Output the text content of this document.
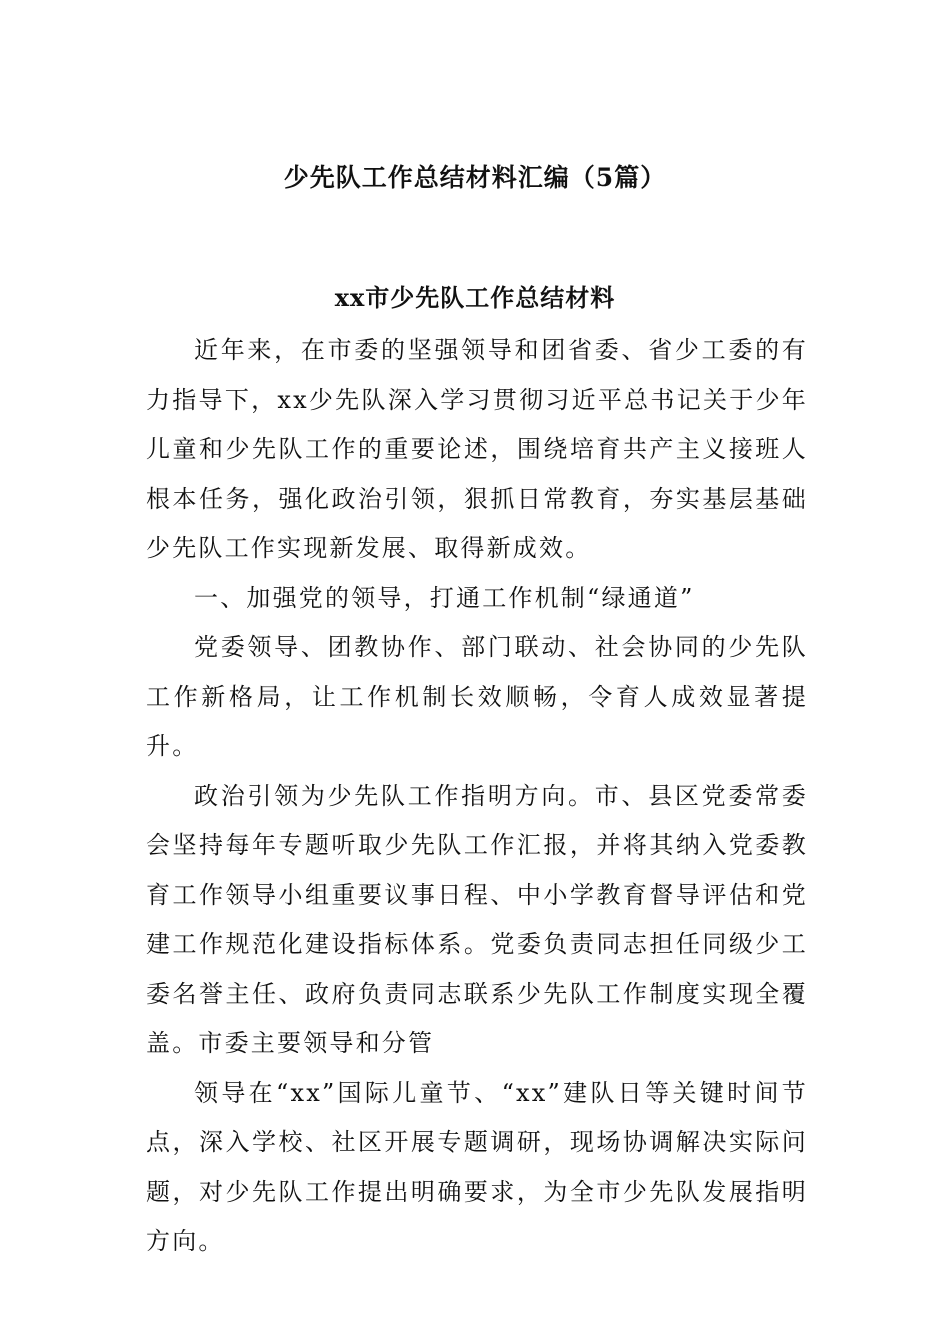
少先队工作总结材料汇编（5篇）
xx市少先队工作总结材料

近年来，在市委的坚强领导和团省委、省少工委的有力指导下，xx少先队深入学习贯彻习近平总书记关于少年儿童和少先队工作的重要论述，围绕培育共产主义接班人根本任务，强化政治引领，狠抓日常教育，夯实基层基础少先队工作实现新发展、取得新成效。

一、加强党的领导，打通工作机制“绿通道”

党委领导、团教协作、部门联动、社会协同的少先队工作新格局，让工作机制长效顺畅，令育人成效显著提升。

政治引领为少先队工作指明方向。市、县区党委常委会坚持每年专题听取少先队工作汇报，并将其纳入党委教育工作领导小组重要议事日程、中小学教育督导评估和党建工作规范化建设指标体系。党委负责同志担任同级少工委名誉主任、政府负责同志联系少先队工作制度实现全覆盖。市委主要领导和分管

领导在“xx”国际儿童节、“xx”建队日等关键时间节点，深入学校、社区开展专题调研，现场协调解决实际问题，对少先队工作提出明确要求，为全市少先队发展指明方向。
